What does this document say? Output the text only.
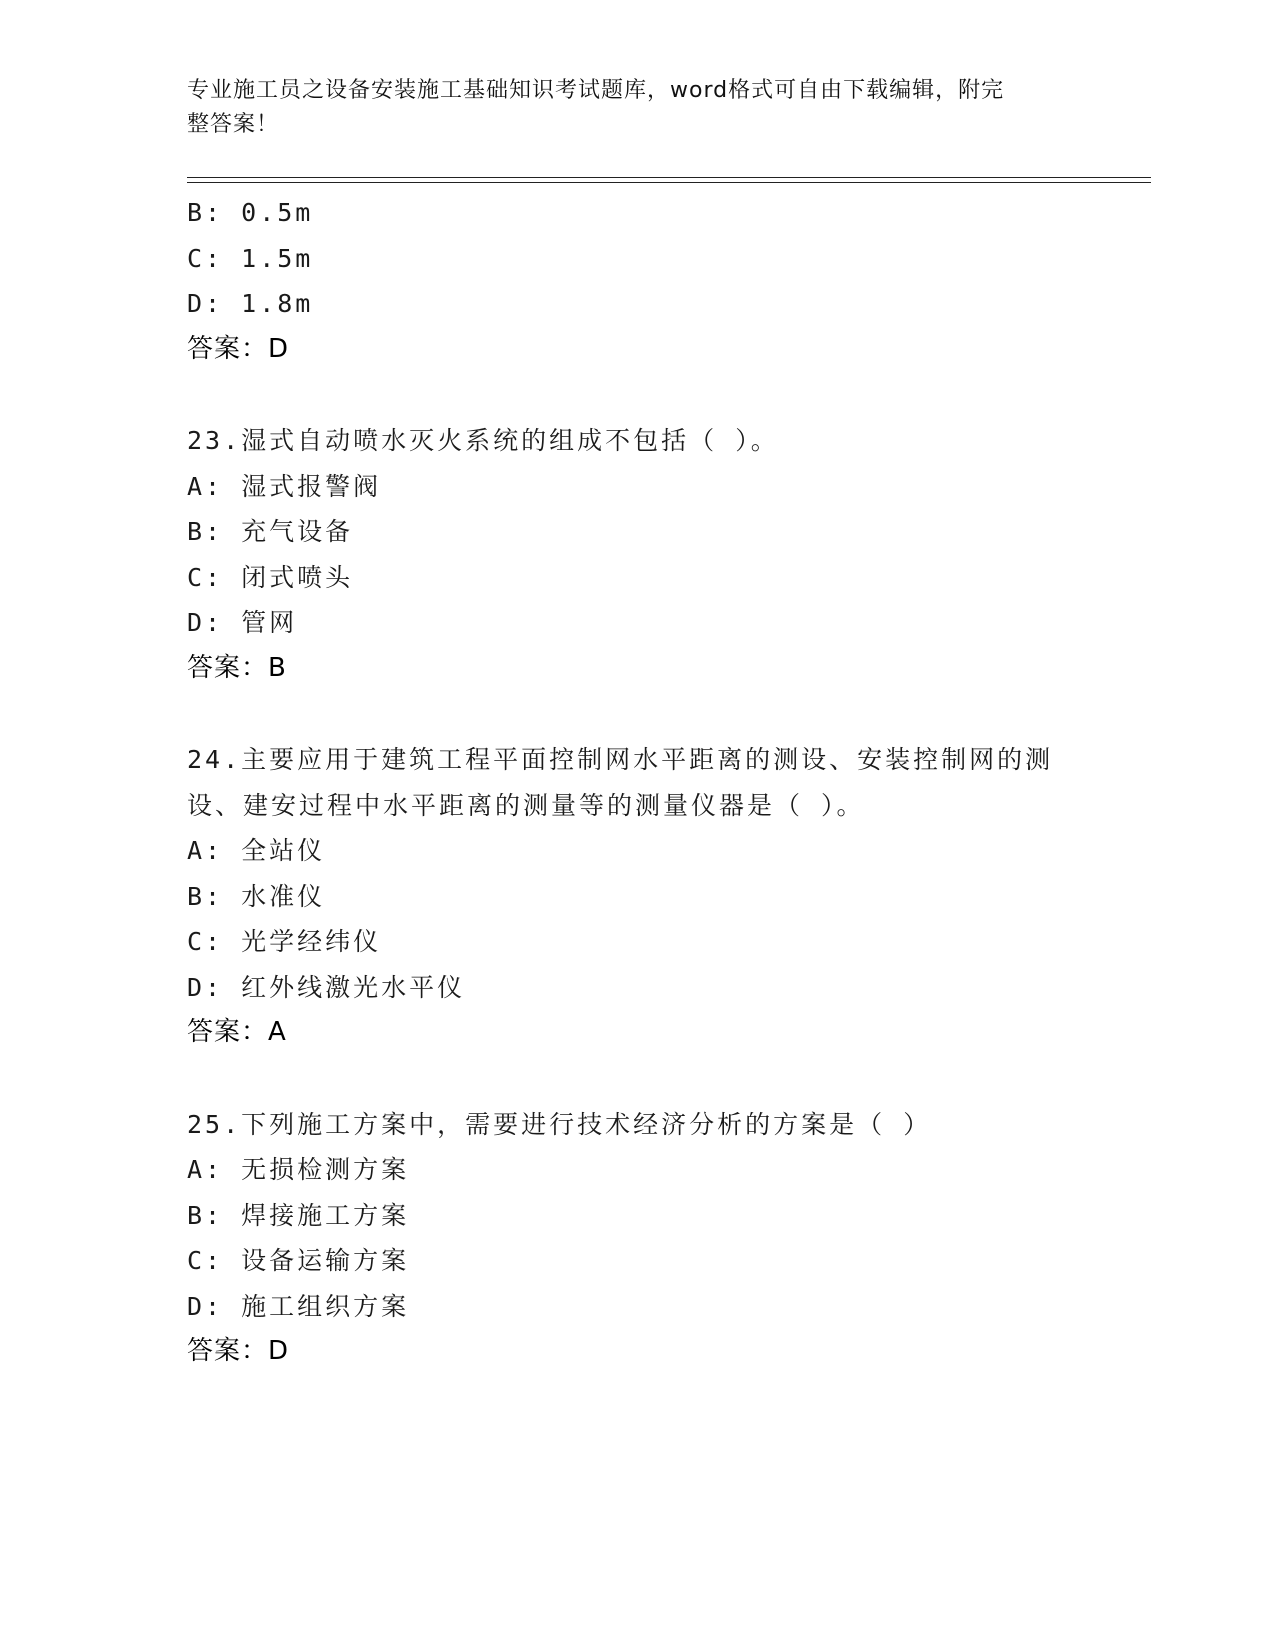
专业施工员之设备安装施工基础知识考试题库，word格式可自由下载编辑，附完
整答案！
B: 0.5m
C: 1.5m
D: 1.8m
答案：D
23.湿式自动喷水灭火系统的组成不包括（ ）。
A: 湿式报警阀
B: 充气设备
C: 闭式喷头
D: 管网
答案：B
24.主要应用于建筑工程平面控制网水平距离的测设、安装控制网的测
设、建安过程中水平距离的测量等的测量仪器是（ ）。
A: 全站仪
B: 水准仪
C: 光学经纬仪
D: 红外线激光水平仪
答案：A
25.下列施工方案中，需要进行技术经济分析的方案是（ ）
A: 无损检测方案
B: 焊接施工方案
C: 设备运输方案
D: 施工组织方案
答案：D
